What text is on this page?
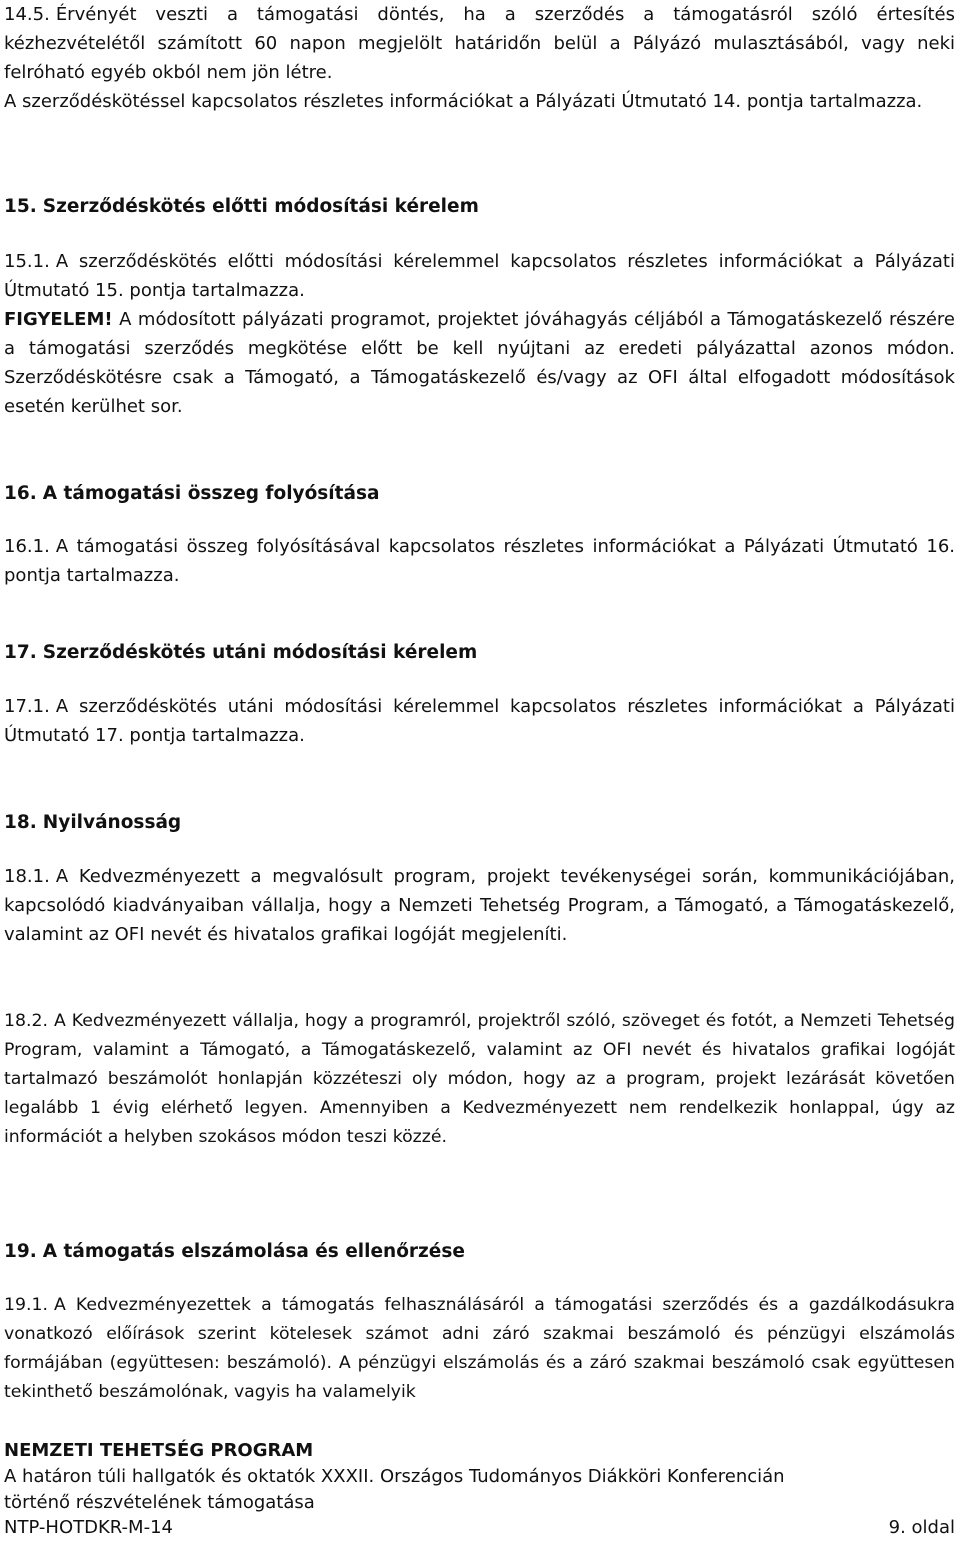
14.5. Érvényét veszti a támogatási döntés, ha a szerződés a támogatásról szóló értesítés kézhezvételétől számított 60 napon megjelölt határidőn belül a Pályázó mulasztásából, vagy neki felróható egyéb okból nem jön létre.

A szerződéskötéssel kapcsolatos részletes információkat a Pályázati Útmutató 14. pontja tartalmazza.

15. Szerződéskötés előtti módosítási kérelem

15.1. A szerződéskötés előtti módosítási kérelemmel kapcsolatos részletes információkat a Pályázati Útmutató 15. pontja tartalmazza.

FIGYELEM! A módosított pályázati programot, projektet jóváhagyás céljából a Támogatáskezelő részére a támogatási szerződés megkötése előtt be kell nyújtani az eredeti pályázattal azonos módon. Szerződéskötésre csak a Támogató, a Támogatáskezelő és/vagy az OFI által elfogadott módosítások esetén kerülhet sor.

16. A támogatási összeg folyósítása

16.1. A támogatási összeg folyósításával kapcsolatos részletes információkat a Pályázati Útmutató 16. pontja tartalmazza.

17. Szerződéskötés utáni módosítási kérelem

17.1. A szerződéskötés utáni módosítási kérelemmel kapcsolatos részletes információkat a Pályázati Útmutató 17. pontja tartalmazza.

18. Nyilvánosság

18.1. A Kedvezményezett a megvalósult program, projekt tevékenységei során, kommunikációjában, kapcsolódó kiadványaiban vállalja, hogy a Nemzeti Tehetség Program, a Támogató, a Támogatáskezelő, valamint az OFI nevét és hivatalos grafikai logóját megjeleníti.

18.2. A Kedvezményezett vállalja, hogy a programról, projektről szóló, szöveget és fotót, a Nemzeti Tehetség Program, valamint a Támogató, a Támogatáskezelő, valamint az OFI nevét és hivatalos grafikai logóját tartalmazó beszámolót honlapján közzéteszi oly módon, hogy az a program, projekt lezárását követően legalább 1 évig elérhető legyen. Amennyiben a Kedvezményezett nem rendelkezik honlappal, úgy az információt a helyben szokásos módon teszi közzé.

19. A támogatás elszámolása és ellenőrzése

19.1. A Kedvezményezettek a támogatás felhasználásáról a támogatási szerződés és a gazdálkodásukra vonatkozó előírások szerint kötelesek számot adni záró szakmai beszámoló és pénzügyi elszámolás formájában (együttesen: beszámoló). A pénzügyi elszámolás és a záró szakmai beszámoló csak együttesen tekinthető beszámolónak, vagyis ha valamelyik

NEMZETI TEHETSÉG PROGRAM

A határon túli hallgatók és oktatók XXXII. Országos Tudományos Diákköri Konferencián

történő részvételének támogatása

NTP-HOTDKR-M-14	9. oldal
